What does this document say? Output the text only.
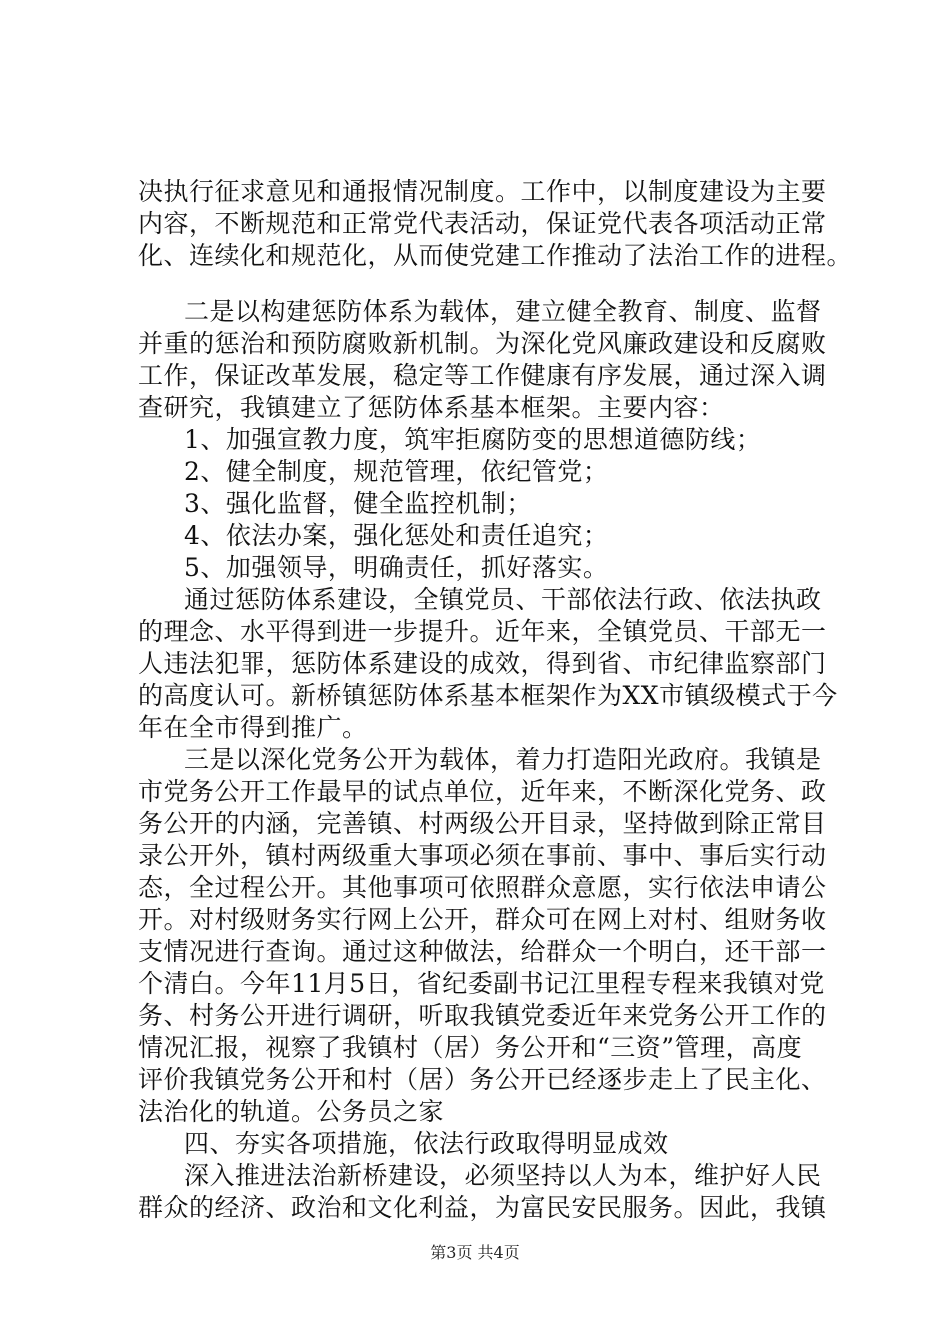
决执行征求意见和通报情况制度。工作中，以制度建设为主要
内容，不断规范和正常党代表活动，保证党代表各项活动正常
化、连续化和规范化，从而使党建工作推动了法治工作的进程。
二是以构建惩防体系为载体，建立健全教育、制度、监督
并重的惩治和预防腐败新机制。为深化党风廉政建设和反腐败
工作，保证改革发展，稳定等工作健康有序发展，通过深入调
查研究，我镇建立了惩防体系基本框架。主要内容：
1、加强宣教力度，筑牢拒腐防变的思想道德防线；
2、健全制度，规范管理，依纪管党；
3、强化监督，健全监控机制；
4、依法办案，强化惩处和责任追究；
5、加强领导，明确责任，抓好落实。
通过惩防体系建设，全镇党员、干部依法行政、依法执政
的理念、水平得到进一步提升。近年来，全镇党员、干部无一
人违法犯罪，惩防体系建设的成效，得到省、市纪律监察部门
的高度认可。新桥镇惩防体系基本框架作为XX市镇级模式于今
年在全市得到推广。
三是以深化党务公开为载体，着力打造阳光政府。我镇是
市党务公开工作最早的试点单位，近年来，不断深化党务、政
务公开的内涵，完善镇、村两级公开目录，坚持做到除正常目
录公开外，镇村两级重大事项必须在事前、事中、事后实行动
态，全过程公开。其他事项可依照群众意愿，实行依法申请公
开。对村级财务实行网上公开，群众可在网上对村、组财务收
支情况进行查询。通过这种做法，给群众一个明白，还干部一
个清白。今年11月5日，省纪委副书记江里程专程来我镇对党
务、村务公开进行调研，听取我镇党委近年来党务公开工作的
情况汇报，视察了我镇村（居）务公开和“三资”管理，高度
评价我镇党务公开和村（居）务公开已经逐步走上了民主化、
法治化的轨道。公务员之家
四、夯实各项措施，依法行政取得明显成效
深入推进法治新桥建设，必须坚持以人为本，维护好人民
群众的经济、政治和文化利益，为富民安民服务。因此，我镇
第3页 共4页
